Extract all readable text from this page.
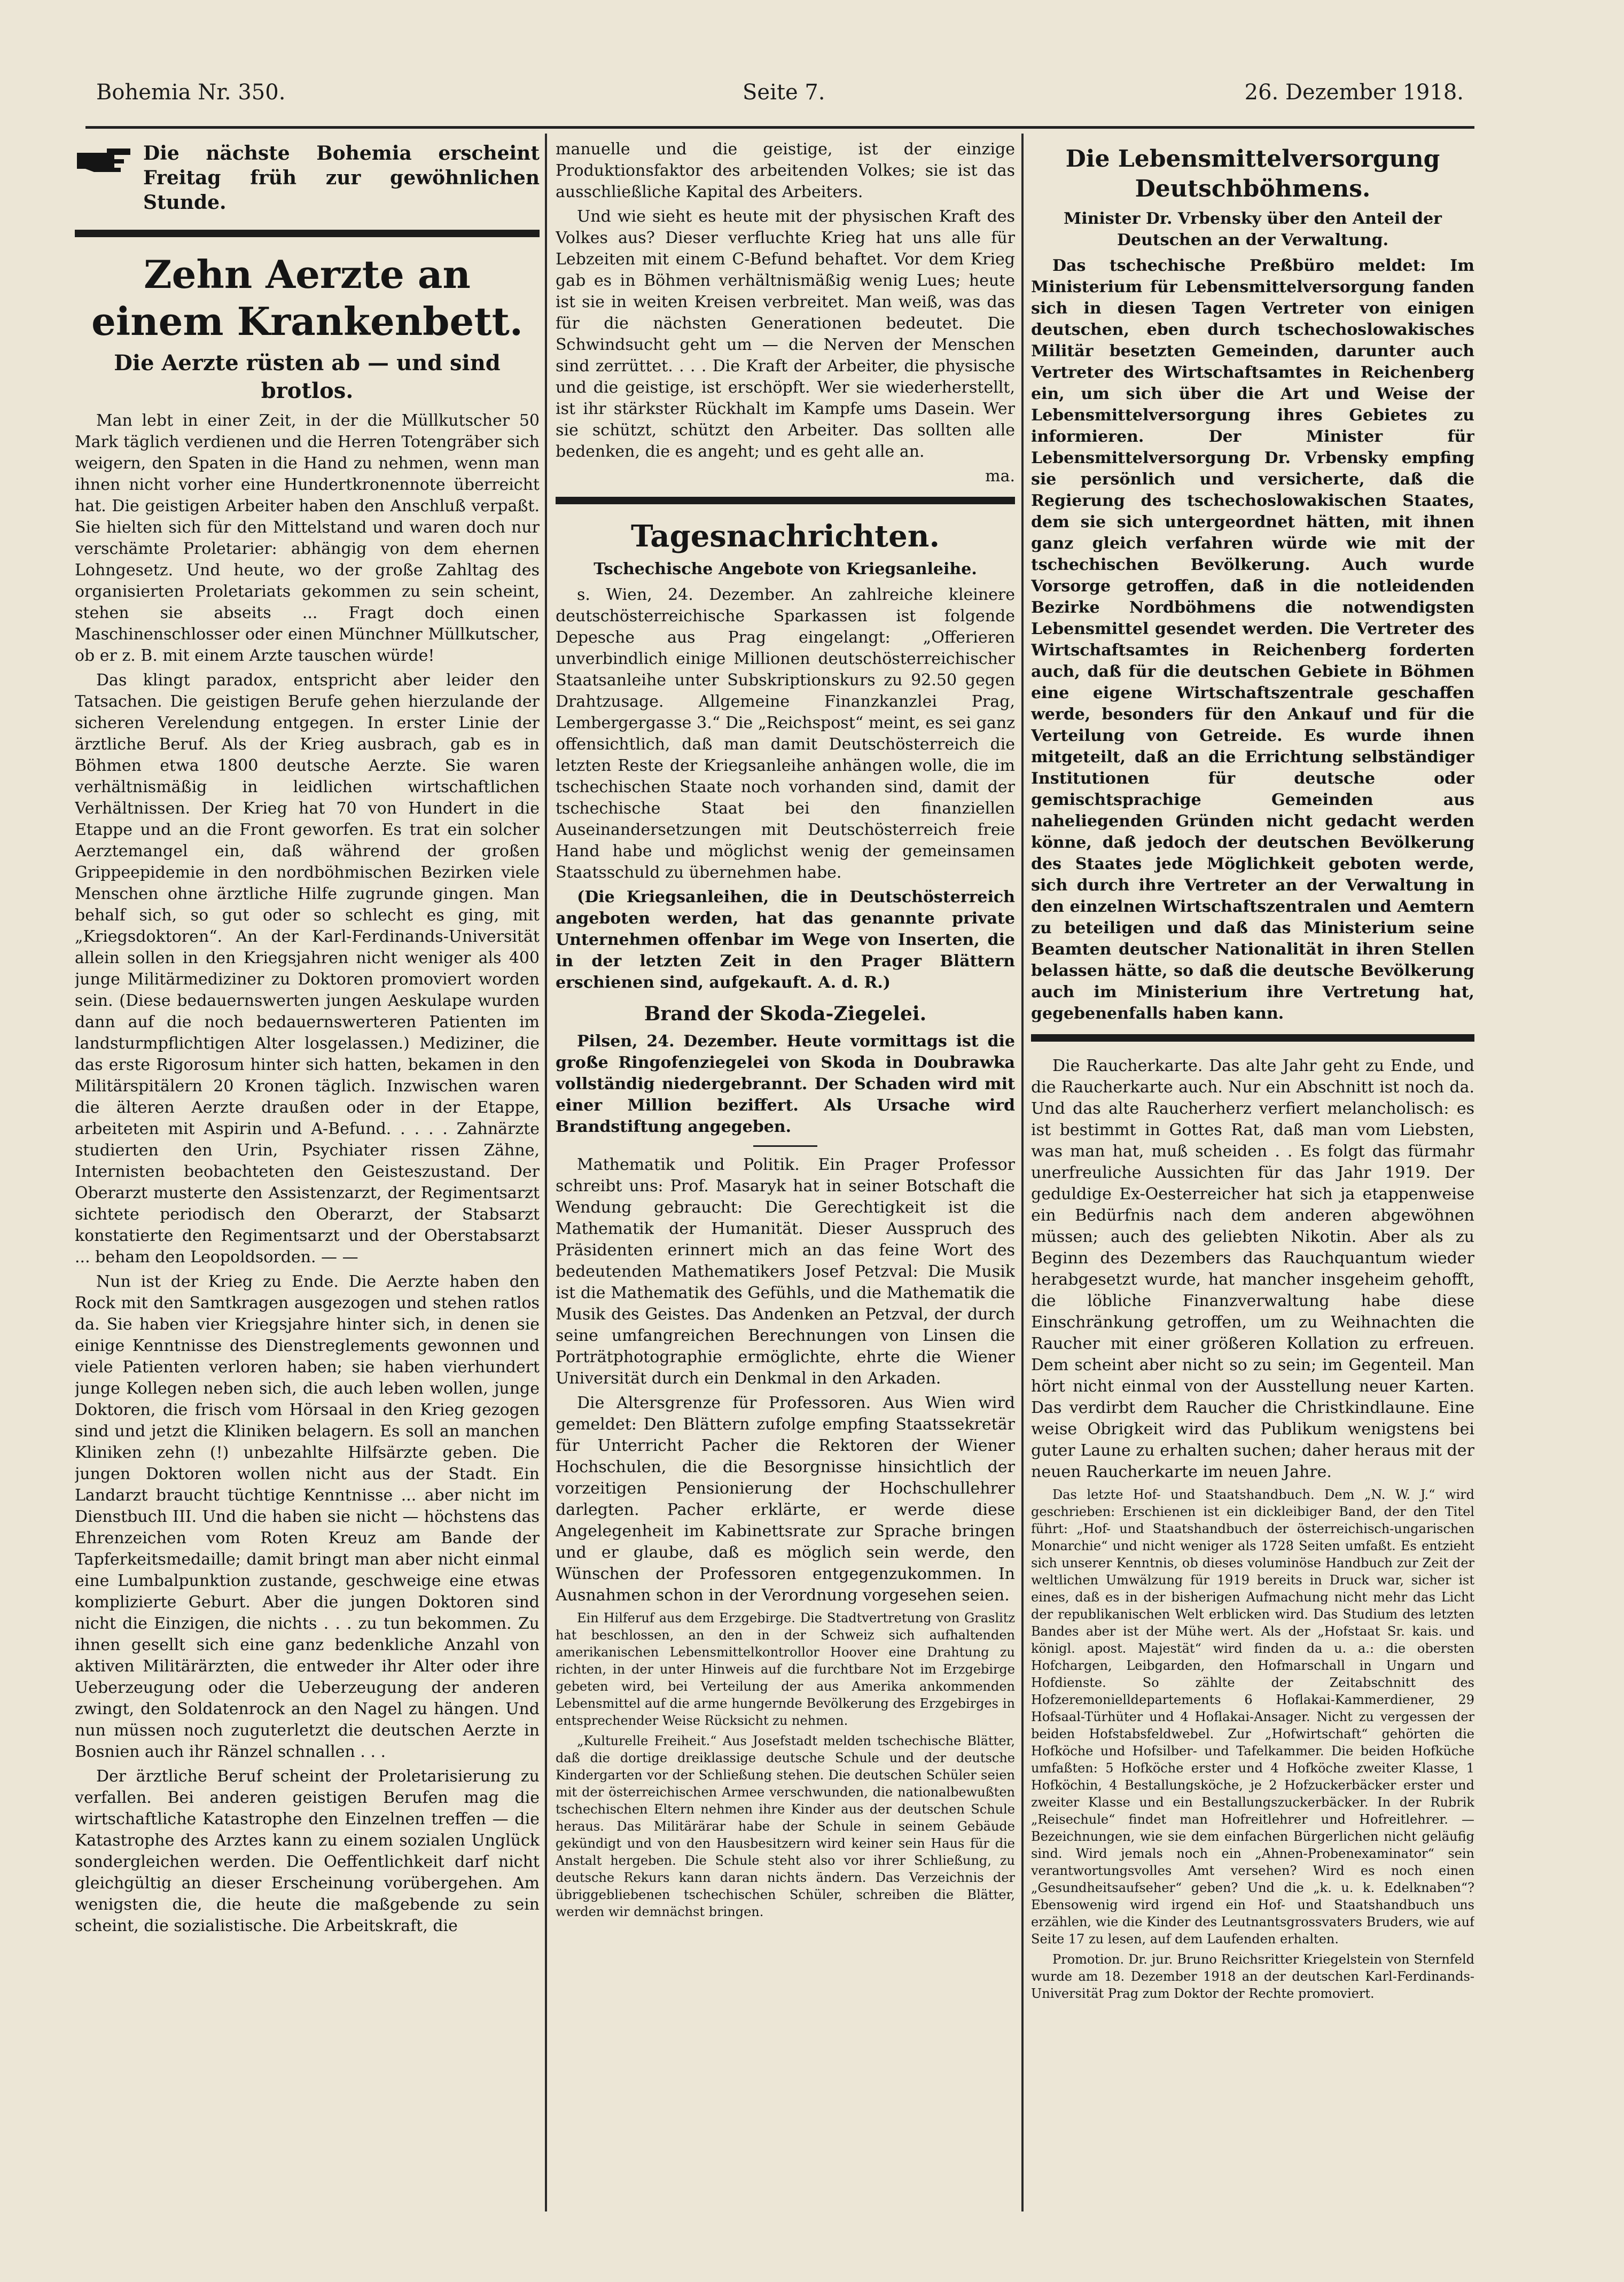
Bohemia Nr. 350.	Seite 7.	26. Dezember 1918.
Die nächste Bohemia erscheint Freitag früh zur gewöhnlichen Stunde.
Zehn Aerzte an einem Krankenbett.
Die Aerzte rüsten ab — und sind brotlos.

Man lebt in einer Zeit, in der die Müllkutscher 50 Mark täglich verdienen und die Herren Totengräber sich weigern, den Spaten in die Hand zu nehmen, wenn man ihnen nicht vorher eine Hundertkronennote überreicht hat. Die geistigen Arbeiter haben den Anschluß verpaßt. Sie hielten sich für den Mittelstand und waren doch nur verschämte Proletarier: abhängig von dem ehernen Lohngesetz. Und heute, wo der große Zahltag des organisierten Proletariats gekommen zu sein scheint, stehen sie abseits ... Fragt doch einen Maschinenschlosser oder einen Münchner Müllkutscher, ob er z. B. mit einem Arzte tauschen würde!

Das klingt paradox, entspricht aber leider den Tatsachen. Die geistigen Berufe gehen hierzulande der sicheren Verelendung entgegen. In erster Linie der ärztliche Beruf. Als der Krieg ausbrach, gab es in Böhmen etwa 1800 deutsche Aerzte. Sie waren verhältnismäßig in leidlichen wirtschaftlichen Verhältnissen. Der Krieg hat 70 von Hundert in die Etappe und an die Front geworfen. Es trat ein solcher Aerztemangel ein, daß während der großen Grippeepidemie in den nordböhmischen Bezirken viele Menschen ohne ärztliche Hilfe zugrunde gingen. Man behalf sich, so gut oder so schlecht es ging, mit „Kriegsdoktoren“. An der Karl-Ferdinands-Universität allein sollen in den Kriegsjahren nicht weniger als 400 junge Militärmediziner zu Doktoren promoviert worden sein. (Diese bedauernswerten jungen Aeskulape wurden dann auf die noch bedauernswerteren Patienten im landsturmpflichtigen Alter losgelassen.) Mediziner, die das erste Rigorosum hinter sich hatten, bekamen in den Militärspitälern 20 Kronen täglich. Inzwischen waren die älteren Aerzte draußen oder in der Etappe, arbeiteten mit Aspirin und A-Befund. . . . . Zahnärzte studierten den Urin, Psychiater rissen Zähne, Internisten beobachteten den Geisteszustand. Der Oberarzt musterte den Assistenzarzt, der Regimentsarzt sichtete periodisch den Oberarzt, der Stabsarzt konstatierte den Regimentsarzt und der Oberstabsarzt ... beham den Leopoldsorden. — —

Nun ist der Krieg zu Ende. Die Aerzte haben den Rock mit den Samtkragen ausgezogen und stehen ratlos da. Sie haben vier Kriegsjahre hinter sich, in denen sie einige Kenntnisse des Dienstreglements gewonnen und viele Patienten verloren haben; sie haben vierhundert junge Kollegen neben sich, die auch leben wollen, junge Doktoren, die frisch vom Hörsaal in den Krieg gezogen sind und jetzt die Kliniken belagern. Es soll an manchen Kliniken zehn (!) unbezahlte Hilfsärzte geben. Die jungen Doktoren wollen nicht aus der Stadt. Ein Landarzt braucht tüchtige Kenntnisse ... aber nicht im Dienstbuch III. Und die haben sie nicht — höchstens das Ehrenzeichen vom Roten Kreuz am Bande der Tapferkeitsmedaille; damit bringt man aber nicht einmal eine Lumbalpunktion zustande, geschweige eine etwas komplizierte Geburt. Aber die jungen Doktoren sind nicht die Einzigen, die nichts . . . zu tun bekommen. Zu ihnen gesellt sich eine ganz bedenkliche Anzahl von aktiven Militärärzten, die entweder ihr Alter oder ihre Ueberzeugung oder die Ueberzeugung der anderen zwingt, den Soldatenrock an den Nagel zu hängen. Und nun müssen noch zuguterletzt die deutschen Aerzte in Bosnien auch ihr Ränzel schnallen . . .

Der ärztliche Beruf scheint der Proletarisierung zu verfallen. Bei anderen geistigen Berufen mag die wirtschaftliche Katastrophe den Einzelnen treffen — die Katastrophe des Arztes kann zu einem sozialen Unglück sondergleichen werden. Die Oeffentlichkeit darf nicht gleichgültig an dieser Erscheinung vorübergehen. Am wenigsten die, die heute die maßgebende zu sein scheint, die sozialistische. Die Arbeitskraft, die

manuelle und die geistige, ist der einzige Produktionsfaktor des arbeitenden Volkes; sie ist das ausschließliche Kapital des Arbeiters.

Und wie sieht es heute mit der physischen Kraft des Volkes aus? Dieser verfluchte Krieg hat uns alle für Lebzeiten mit einem C-Befund behaftet. Vor dem Krieg gab es in Böhmen verhältnismäßig wenig Lues; heute ist sie in weiten Kreisen verbreitet. Man weiß, was das für die nächsten Generationen bedeutet. Die Schwindsucht geht um — die Nerven der Menschen sind zerrüttet. . . . Die Kraft der Arbeiter, die physische und die geistige, ist erschöpft. Wer sie wiederherstellt, ist ihr stärkster Rückhalt im Kampfe ums Dasein. Wer sie schützt, schützt den Arbeiter. Das sollten alle bedenken, die es angeht; und es geht alle an.

ma.

Tagesnachrichten.
Tschechische Angebote von Kriegsanleihe.

s. Wien, 24. Dezember. An zahlreiche kleinere deutschösterreichische Sparkassen ist folgende Depesche aus Prag eingelangt: „Offerieren unverbindlich einige Millionen deutschösterreichischer Staatsanleihe unter Subskriptionskurs zu 92.50 gegen Drahtzusage. Allgemeine Finanzkanzlei Prag, Lembergergasse 3.“ Die „Reichspost“ meint, es sei ganz offensichtlich, daß man damit Deutschösterreich die letzten Reste der Kriegsanleihe anhängen wolle, die im tschechischen Staate noch vorhanden sind, damit der tschechische Staat bei den finanziellen Auseinandersetzungen mit Deutschösterreich freie Hand habe und möglichst wenig der gemeinsamen Staatsschuld zu übernehmen habe.

(Die Kriegsanleihen, die in Deutschösterreich angeboten werden, hat das genannte private Unternehmen offenbar im Wege von Inserten, die in der letzten Zeit in den Prager Blättern erschienen sind, aufgekauft. A. d. R.)

Brand der Skoda-Ziegelei.

Pilsen, 24. Dezember. Heute vormittags ist die große Ringofenziegelei von Skoda in Doubrawka vollständig niedergebrannt. Der Schaden wird mit einer Million beziffert. Als Ursache wird Brandstiftung angegeben.

Mathematik und Politik. Ein Prager Professor schreibt uns: Prof. Masaryk hat in seiner Botschaft die Wendung gebraucht: Die Gerechtigkeit ist die Mathematik der Humanität. Dieser Ausspruch des Präsidenten erinnert mich an das feine Wort des bedeutenden Mathematikers Josef Petzval: Die Musik ist die Mathematik des Gefühls, und die Mathematik die Musik des Geistes. Das Andenken an Petzval, der durch seine umfangreichen Berechnungen von Linsen die Porträtphotographie ermöglichte, ehrte die Wiener Universität durch ein Denkmal in den Arkaden.

Die Altersgrenze für Professoren. Aus Wien wird gemeldet: Den Blättern zufolge empfing Staatssekretär für Unterricht Pacher die Rektoren der Wiener Hochschulen, die die Besorgnisse hinsichtlich der vorzeitigen Pensionierung der Hochschullehrer darlegten. Pacher erklärte, er werde diese Angelegenheit im Kabinettsrate zur Sprache bringen und er glaube, daß es möglich sein werde, den Wünschen der Professoren entgegenzukommen. In Ausnahmen schon in der Verordnung vorgesehen seien.

Ein Hilferuf aus dem Erzgebirge. Die Stadtvertretung von Graslitz hat beschlossen, an den in der Schweiz sich aufhaltenden amerikanischen Lebensmittelkontrollor Hoover eine Drahtung zu richten, in der unter Hinweis auf die furchtbare Not im Erzgebirge gebeten wird, bei Verteilung der aus Amerika ankommenden Lebensmittel auf die arme hungernde Bevölkerung des Erzgebirges in entsprechender Weise Rücksicht zu nehmen.

„Kulturelle Freiheit.“ Aus Josefstadt melden tschechische Blätter, daß die dortige dreiklassige deutsche Schule und der deutsche Kindergarten vor der Schließung stehen. Die deutschen Schüler seien mit der österreichischen Armee verschwunden, die nationalbewußten tschechischen Eltern nehmen ihre Kinder aus der deutschen Schule heraus. Das Militärärar habe der Schule in seinem Gebäude gekündigt und von den Hausbesitzern wird keiner sein Haus für die Anstalt hergeben. Die Schule steht also vor ihrer Schließung, zu deutsche Rekurs kann daran nichts ändern. Das Verzeichnis der übriggebliebenen tschechischen Schüler, schreiben die Blätter, werden wir demnächst bringen.

Die Lebensmittelversorgung Deutschböhmens.
Minister Dr. Vrbensky über den Anteil der Deutschen an der Verwaltung.

Das tschechische Preßbüro meldet: Im Ministerium für Lebensmittelversorgung fanden sich in diesen Tagen Vertreter von einigen deutschen, eben durch tschechoslowakisches Militär besetzten Gemeinden, darunter auch Vertreter des Wirtschaftsamtes in Reichenberg ein, um sich über die Art und Weise der Lebensmittelversorgung ihres Gebietes zu informieren. Der Minister für Lebensmittelversorgung Dr. Vrbensky empfing sie persönlich und versicherte, daß die Regierung des tschechoslowakischen Staates, dem sie sich untergeordnet hätten, mit ihnen ganz gleich verfahren würde wie mit der tschechischen Bevölkerung. Auch wurde Vorsorge getroffen, daß in die notleidenden Bezirke Nordböhmens die notwendigsten Lebensmittel gesendet werden. Die Vertreter des Wirtschaftsamtes in Reichenberg forderten auch, daß für die deutschen Gebiete in Böhmen eine eigene Wirtschaftszentrale geschaffen werde, besonders für den Ankauf und für die Verteilung von Getreide. Es wurde ihnen mitgeteilt, daß an die Errichtung selbständiger Institutionen für deutsche oder gemischtsprachige Gemeinden aus naheliegenden Gründen nicht gedacht werden könne, daß jedoch der deutschen Bevölkerung des Staates jede Möglichkeit geboten werde, sich durch ihre Vertreter an der Verwaltung in den einzelnen Wirtschaftszentralen und Aemtern zu beteiligen und daß das Ministerium seine Beamten deutscher Nationalität in ihren Stellen belassen hätte, so daß die deutsche Bevölkerung auch im Ministerium ihre Vertretung hat, gegebenenfalls haben kann.

Die Raucherkarte. Das alte Jahr geht zu Ende, und die Raucherkarte auch. Nur ein Abschnitt ist noch da. Und das alte Raucherherz verfiert melancholisch: es ist bestimmt in Gottes Rat, daß man vom Liebsten, was man hat, muß scheiden . . Es folgt das fürmahr unerfreuliche Aussichten für das Jahr 1919. Der geduldige Ex-Oesterreicher hat sich ja etappenweise ein Bedürfnis nach dem anderen abgewöhnen müssen; auch des geliebten Nikotin. Aber als zu Beginn des Dezembers das Rauchquantum wieder herabgesetzt wurde, hat mancher insgeheim gehofft, die löbliche Finanzverwaltung habe diese Einschränkung getroffen, um zu Weihnachten die Raucher mit einer größeren Kollation zu erfreuen. Dem scheint aber nicht so zu sein; im Gegenteil. Man hört nicht einmal von der Ausstellung neuer Karten. Das verdirbt dem Raucher die Christkindlaune. Eine weise Obrigkeit wird das Publikum wenigstens bei guter Laune zu erhalten suchen; daher heraus mit der neuen Raucherkarte im neuen Jahre.

Das letzte Hof- und Staatshandbuch. Dem „N. W. J.“ wird geschrieben: Erschienen ist ein dickleibiger Band, der den Titel führt: „Hof- und Staatshandbuch der österreichisch-ungarischen Monarchie“ und nicht weniger als 1728 Seiten umfaßt. Es entzieht sich unserer Kenntnis, ob dieses voluminöse Handbuch zur Zeit der weltlichen Umwälzung für 1919 bereits in Druck war, sicher ist eines, daß es in der bisherigen Aufmachung nicht mehr das Licht der republikanischen Welt erblicken wird. Das Studium des letzten Bandes aber ist der Mühe wert. Als der „Hofstaat Sr. kais. und königl. apost. Majestät“ wird finden da u. a.: die obersten Hofchargen, Leibgarden, den Hofmarschall in Ungarn und Hofdienste. So zählte der Zeitabschnitt des Hofzeremonielldepartements 6 Hoflakai-Kammerdiener, 29 Hofsaal-Türhüter und 4 Hoflakai-Ansager. Nicht zu vergessen der beiden Hofstabsfeldwebel. Zur „Hofwirtschaft“ gehörten die Hofköche und Hofsilber- und Tafelkammer. Die beiden Hofküche umfaßten: 5 Hofköche erster und 4 Hofköche zweiter Klasse, 1 Hofköchin, 4 Bestallungsköche, je 2 Hofzuckerbäcker erster und zweiter Klasse und ein Bestallungszuckerbäcker. In der Rubrik „Reisechule“ findet man Hofreitlehrer und Hofreitlehrer. — Bezeichnungen, wie sie dem einfachen Bürgerlichen nicht geläufig sind. Wird jemals noch ein „Ahnen-Probenexaminator“ sein verantwortungsvolles Amt versehen? Wird es noch einen „Gesundheitsaufseher“ geben? Und die „k. u. k. Edelknaben“? Ebensowenig wird irgend ein Hof- und Staatshandbuch uns erzählen, wie die Kinder des Leutnantsgrossvaters Bruders, wie auf Seite 17 zu lesen, auf dem Laufenden erhalten.

Promotion. Dr. jur. Bruno Reichsritter Kriegelstein von Sternfeld wurde am 18. Dezember 1918 an der deutschen Karl-Ferdinands-Universität Prag zum Doktor der Rechte promoviert.
